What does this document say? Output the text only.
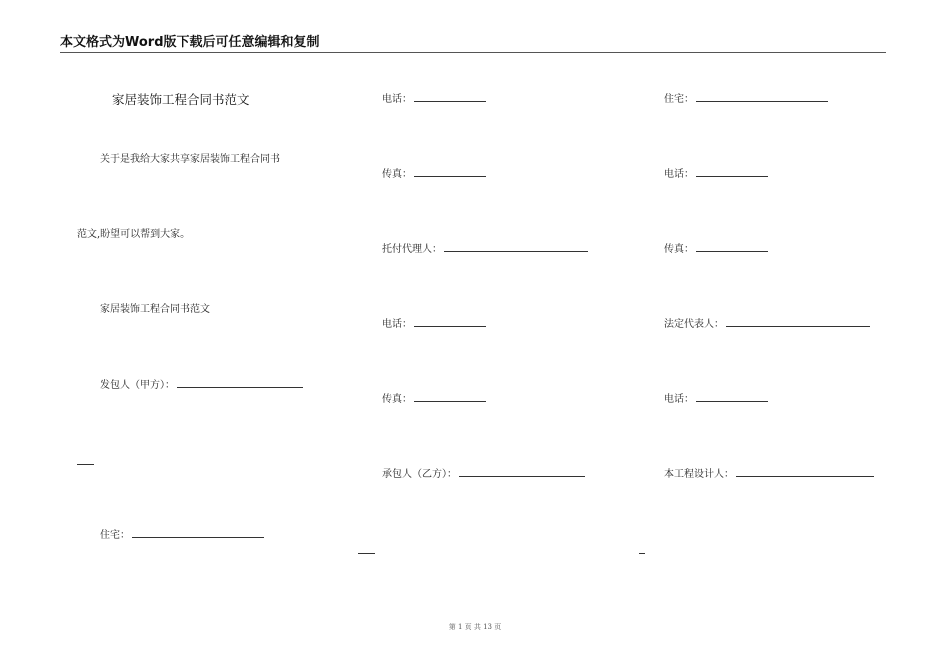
本文格式为Word版下载后可任意编辑和复制
家居装饰工程合同书范文
关于是我给大家共享家居装饰工程合同书
范文,盼望可以帮到大家。
家居装饰工程合同书范文
发包人（甲方）：
住宅：
电话：
传真：
托付代理人：
电话：
传真：
承包人（乙方）：
住宅：
电话：
传真：
法定代表人：
电话：
本工程设计人：
第 1 页 共 13 页
